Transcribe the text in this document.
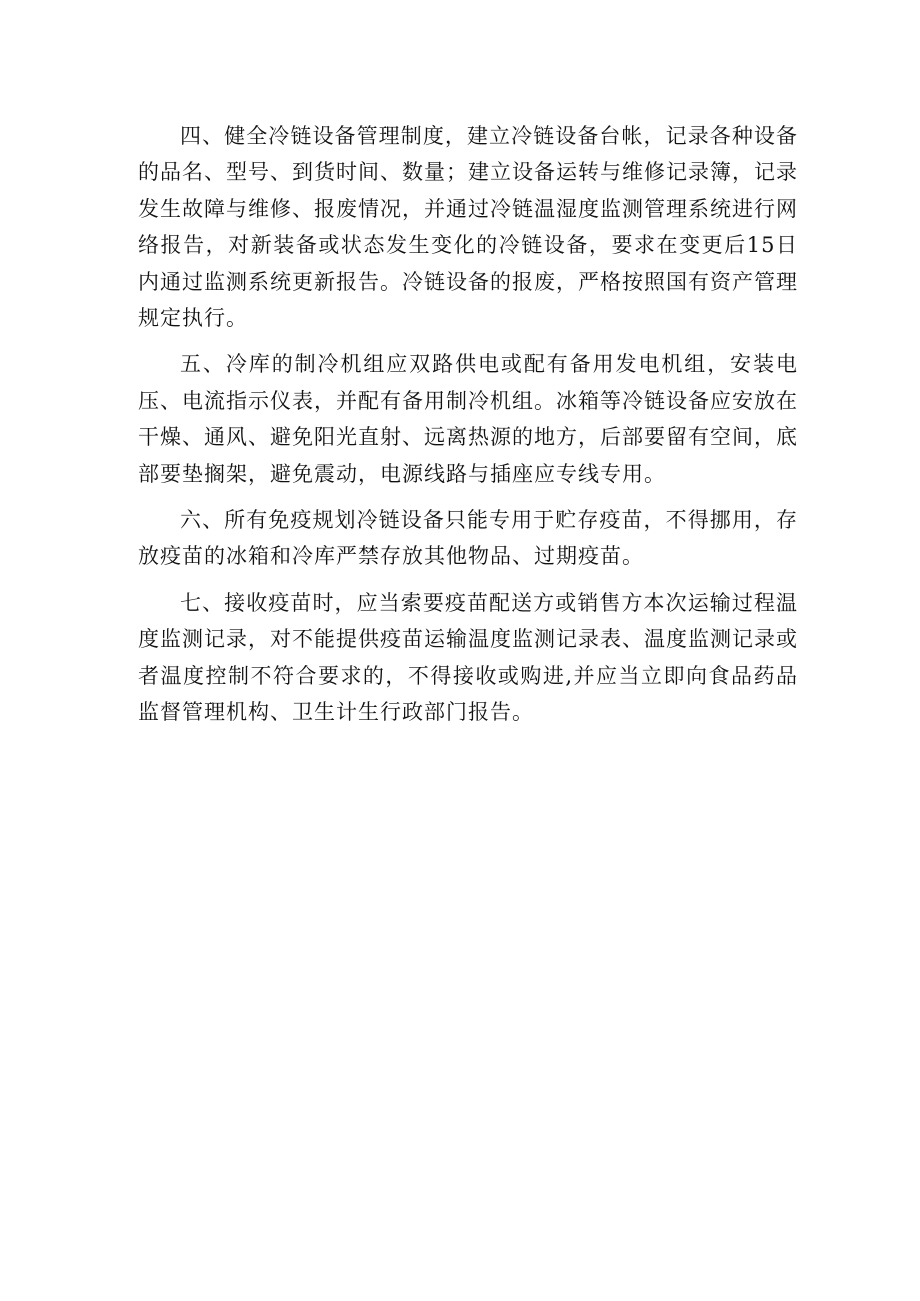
四、健全冷链设备管理制度，建立冷链设备台帐，记录各种设备的品名、型号、到货时间、数量；建立设备运转与维修记录簿，记录发生故障与维修、报废情况，并通过冷链温湿度监测管理系统进行网络报告，对新装备或状态发生变化的冷链设备，要求在变更后15日内通过监测系统更新报告。冷链设备的报废，严格按照国有资产管理规定执行。

五、冷库的制冷机组应双路供电或配有备用发电机组，安装电压、电流指示仪表，并配有备用制冷机组。冰箱等冷链设备应安放在干燥、通风、避免阳光直射、远离热源的地方，后部要留有空间，底部要垫搁架，避免震动，电源线路与插座应专线专用。

六、所有免疫规划冷链设备只能专用于贮存疫苗，不得挪用，存放疫苗的冰箱和冷库严禁存放其他物品、过期疫苗。

七、接收疫苗时，应当索要疫苗配送方或销售方本次运输过程温度监测记录，对不能提供疫苗运输温度监测记录表、温度监测记录或者温度控制不符合要求的，不得接收或购进,并应当立即向食品药品监督管理机构、卫生计生行政部门报告。
